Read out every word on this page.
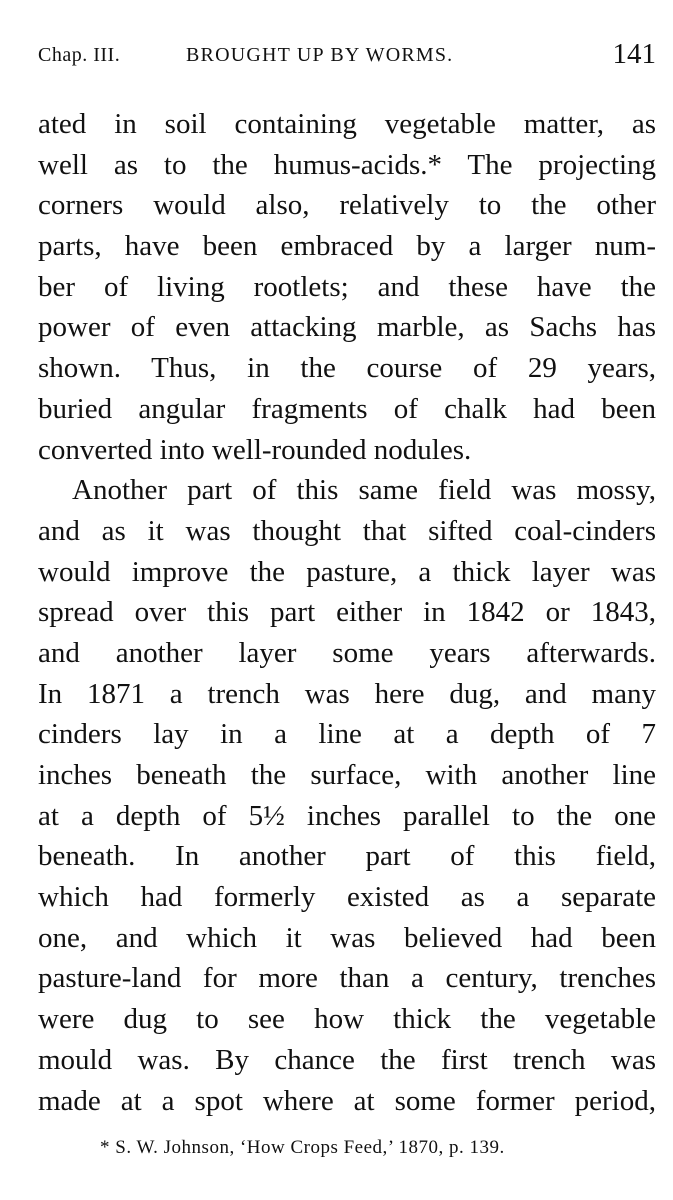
Chap. III.	BROUGHT UP BY WORMS.	141
ated in soil containing vegetable matter, as
well as to the humus-acids.* The projecting
corners would also, relatively to the other
parts, have been embraced by a larger num-
ber of living rootlets; and these have the
power of even attacking marble, as Sachs has
shown. Thus, in the course of 29 years,
buried angular fragments of chalk had been
converted into well-rounded nodules.
Another part of this same field was mossy,
and as it was thought that sifted coal-cinders
would improve the pasture, a thick layer was
spread over this part either in 1842 or 1843,
and another layer some years afterwards.
In 1871 a trench was here dug, and many
cinders lay in a line at a depth of 7
inches beneath the surface, with another line
at a depth of 5½ inches parallel to the one
beneath. In another part of this field,
which had formerly existed as a separate
one, and which it was believed had been
pasture-land for more than a century, trenches
were dug to see how thick the vegetable
mould was. By chance the first trench was
made at a spot where at some former period,
* S. W. Johnson, ‘How Crops Feed,’ 1870, p. 139.
